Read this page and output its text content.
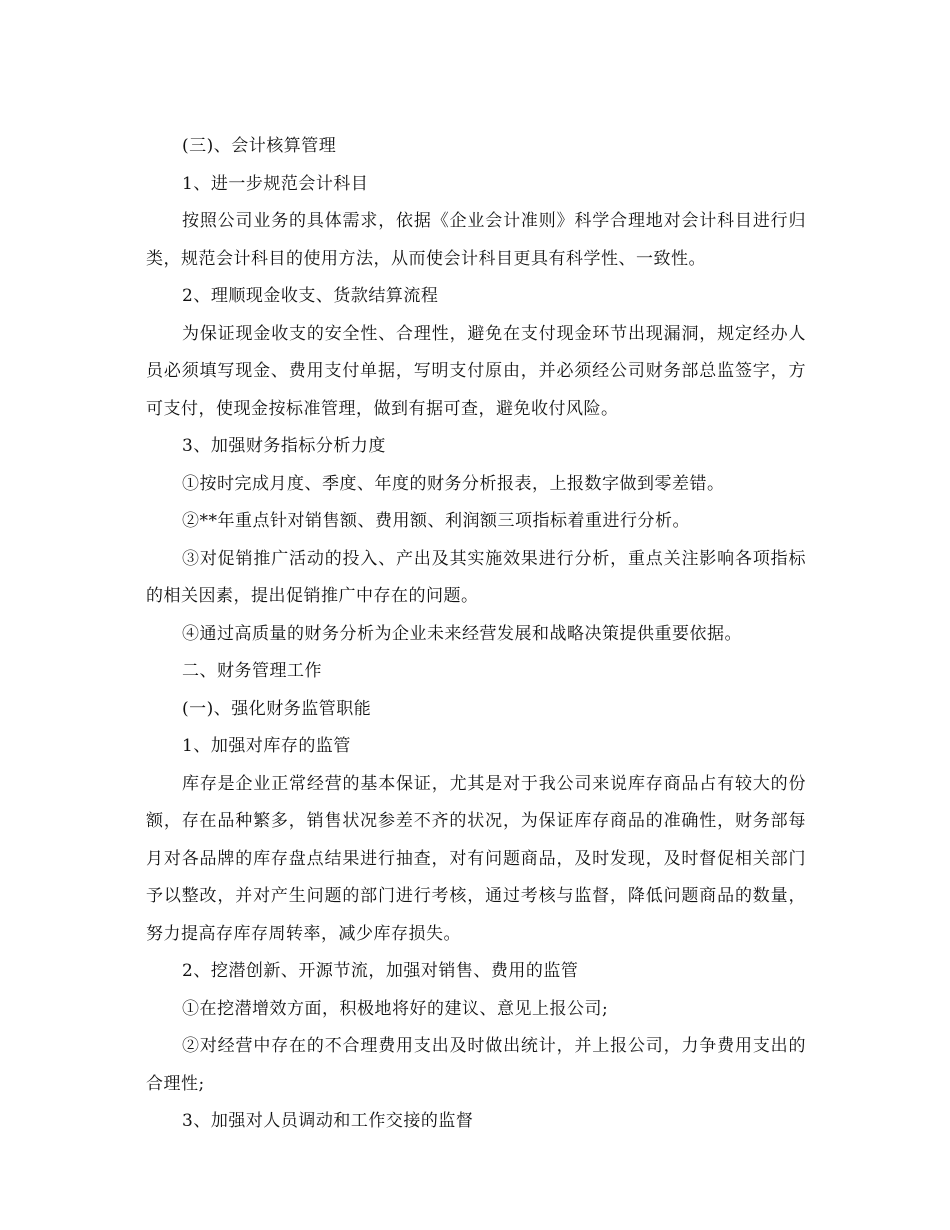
(三)、会计核算管理

1、进一步规范会计科目

按照公司业务的具体需求，依据《企业会计准则》科学合理地对会计科目进行归类，规范会计科目的使用方法，从而使会计科目更具有科学性、一致性。

2、理顺现金收支、货款结算流程

为保证现金收支的安全性、合理性，避免在支付现金环节出现漏洞，规定经办人员必须填写现金、费用支付单据，写明支付原由，并必须经公司财务部总监签字，方可支付，使现金按标准管理，做到有据可查，避免收付风险。

3、加强财务指标分析力度

①按时完成月度、季度、年度的财务分析报表，上报数字做到零差错。

②**年重点针对销售额、费用额、利润额三项指标着重进行分析。

③对促销推广活动的投入、产出及其实施效果进行分析，重点关注影响各项指标的相关因素，提出促销推广中存在的问题。

④通过高质量的财务分析为企业未来经营发展和战略决策提供重要依据。

二、财务管理工作

(一)、强化财务监管职能

1、加强对库存的监管

库存是企业正常经营的基本保证，尤其是对于我公司来说库存商品占有较大的份额，存在品种繁多，销售状况参差不齐的状况，为保证库存商品的准确性，财务部每月对各品牌的库存盘点结果进行抽查，对有问题商品，及时发现，及时督促相关部门予以整改，并对产生问题的部门进行考核，通过考核与监督，降低问题商品的数量，努力提高存库存周转率，减少库存损失。

2、挖潜创新、开源节流，加强对销售、费用的监管

①在挖潜增效方面，积极地将好的建议、意见上报公司;

②对经营中存在的不合理费用支出及时做出统计，并上报公司，力争费用支出的合理性;

3、加强对人员调动和工作交接的监督
